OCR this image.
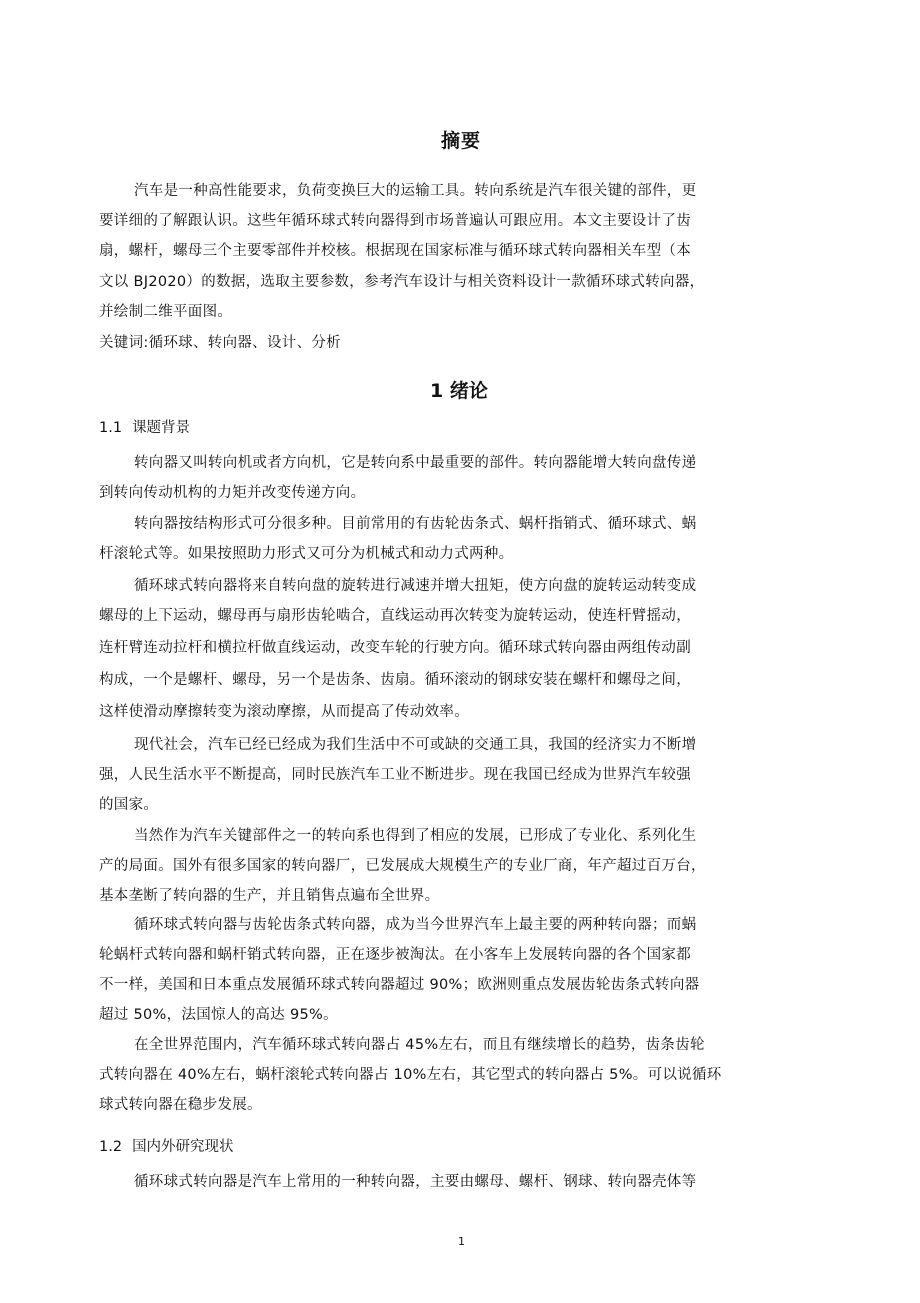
摘要

汽车是一种高性能要求，负荷变换巨大的运输工具。转向系统是汽车很关键的部件，更

要详细的了解跟认识。这些年循环球式转向器得到市场普遍认可跟应用。本文主要设计了齿

扇，螺杆，螺母三个主要零部件并校核。根据现在国家标准与循环球式转向器相关车型（本

文以 BJ2020）的数据，选取主要参数，参考汽车设计与相关资料设计一款循环球式转向器，

并绘制二维平面图。

关键词:循环球、转向器、设计、分析

1 绪论
1.1 课题背景

转向器又叫转向机或者方向机，它是转向系中最重要的部件。转向器能增大转向盘传递

到转向传动机构的力矩并改变传递方向。

转向器按结构形式可分很多种。目前常用的有齿轮齿条式、蜗杆指销式、循环球式、蜗

杆滚轮式等。如果按照助力形式又可分为机械式和动力式两种。

循环球式转向器将来自转向盘的旋转进行减速并增大扭矩，使方向盘的旋转运动转变成

螺母的上下运动，螺母再与扇形齿轮啮合，直线运动再次转变为旋转运动，使连杆臂摇动，

连杆臂连动拉杆和横拉杆做直线运动，改变车轮的行驶方向。循环球式转向器由两组传动副

构成，一个是螺杆、螺母，另一个是齿条、齿扇。循环滚动的钢球安装在螺杆和螺母之间，

这样使滑动摩擦转变为滚动摩擦，从而提高了传动效率。

现代社会，汽车已经已经成为我们生活中不可或缺的交通工具，我国的经济实力不断增

强，人民生活水平不断提高，同时民族汽车工业不断进步。现在我国已经成为世界汽车较强

的国家。

当然作为汽车关键部件之一的转向系也得到了相应的发展，已形成了专业化、系列化生

产的局面。国外有很多国家的转向器厂，已发展成大规模生产的专业厂商，年产超过百万台，

基本垄断了转向器的生产，并且销售点遍布全世界。

循环球式转向器与齿轮齿条式转向器，成为当今世界汽车上最主要的两种转向器；而蜗

轮蜗杆式转向器和蜗杆销式转向器，正在逐步被淘汰。在小客车上发展转向器的各个国家都

不一样，美国和日本重点发展循环球式转向器超过 90%；欧洲则重点发展齿轮齿条式转向器

超过 50%，法国惊人的高达 95%。

在全世界范围内，汽车循环球式转向器占 45%左右，而且有继续增长的趋势，齿条齿轮

式转向器在 40%左右，蜗杆滚轮式转向器占 10%左右，其它型式的转向器占 5%。可以说循环

球式转向器在稳步发展。

1.2 国内外研究现状

循环球式转向器是汽车上常用的一种转向器，主要由螺母、螺杆、钢球、转向器壳体等

1
